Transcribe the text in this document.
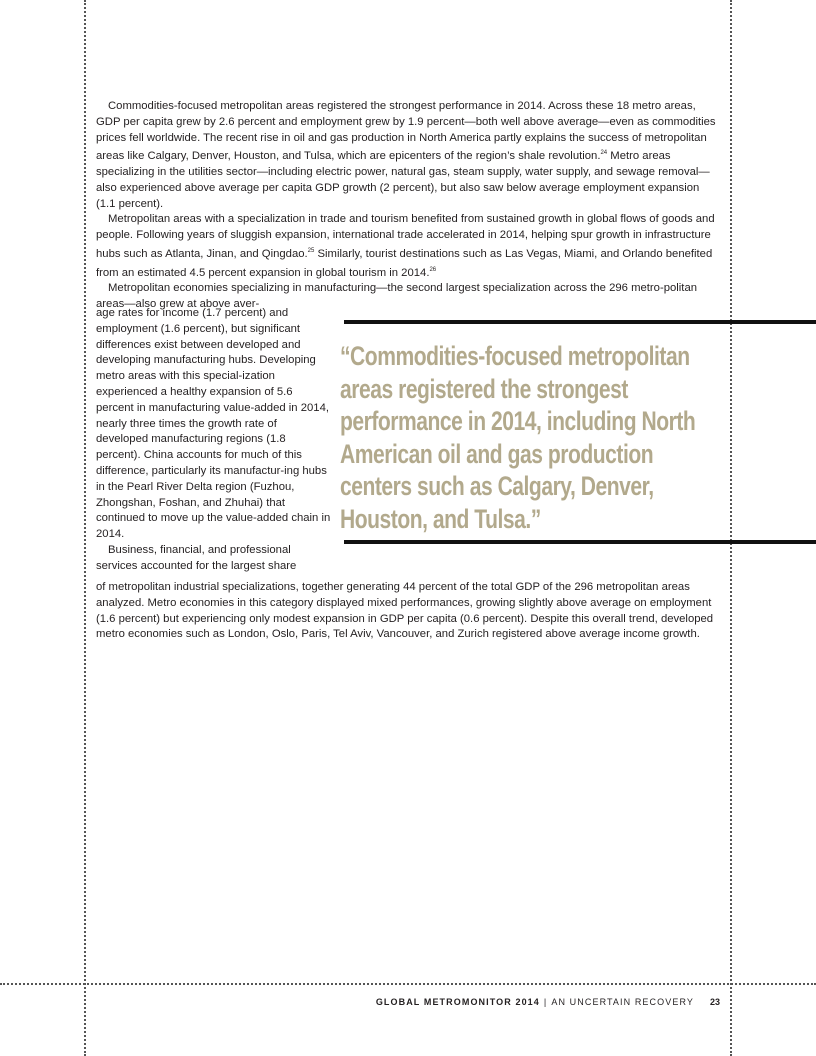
Commodities-focused metropolitan areas registered the strongest performance in 2014. Across these 18 metro areas, GDP per capita grew by 2.6 percent and employment grew by 1.9 percent—both well above average—even as commodities prices fell worldwide. The recent rise in oil and gas production in North America partly explains the success of metropolitan areas like Calgary, Denver, Houston, and Tulsa, which are epicenters of the region’s shale revolution.$^{24}$ Metro areas specializing in the utilities sector—including electric power, natural gas, steam supply, water supply, and sewage removal—also experienced above average per capita GDP growth (2 percent), but also saw below average employment expansion (1.1 percent).

Metropolitan areas with a specialization in trade and tourism benefited from sustained growth in global flows of goods and people. Following years of sluggish expansion, international trade accelerated in 2014, helping spur growth in infrastructure hubs such as Atlanta, Jinan, and Qingdao.$^{25}$ Similarly, tourist destinations such as Las Vegas, Miami, and Orlando benefited from an estimated 4.5 percent expansion in global tourism in 2014.26

Metropolitan economies specializing in manufacturing—the second largest specialization across the 296 metro-politan areas—also grew at above aver-

age rates for income (1.7 percent) and employment (1.6 percent), but significant differences exist between developed and developing manufacturing hubs. Developing metro areas with this special-ization experienced a healthy expansion of 5.6 percent in manufacturing value-added in 2014, nearly three times the growth rate of developed manufacturing regions (1.8 percent). China accounts for much of this difference, particularly its manufactur-ing hubs in the Pearl River Delta region (Fuzhou, Zhongshan, Foshan, and Zhuhai) that continued to move up the value-added chain in 2014.

Business, financial, and professional services accounted for the largest share

of metropolitan industrial specializations, together generating 44 percent of the total GDP of the 296 metropolitan areas analyzed. Metro economies in this category displayed mixed performances, growing slightly above average on employment (1.6 percent) but experiencing only modest expansion in GDP per capita (0.6 percent). Despite this overall trend, developed metro economies such as London, Oslo, Paris, Tel Aviv, Vancouver, and Zurich registered above average income growth.

“Commodities-focused metropolitan areas registered the strongest performance in 2014, including North American oil and gas production centers such as Calgary, Denver, Houston, and Tulsa.”
GLOBAL METROMONITOR 2014 | AN UNCERTAIN RECOVERY 23
